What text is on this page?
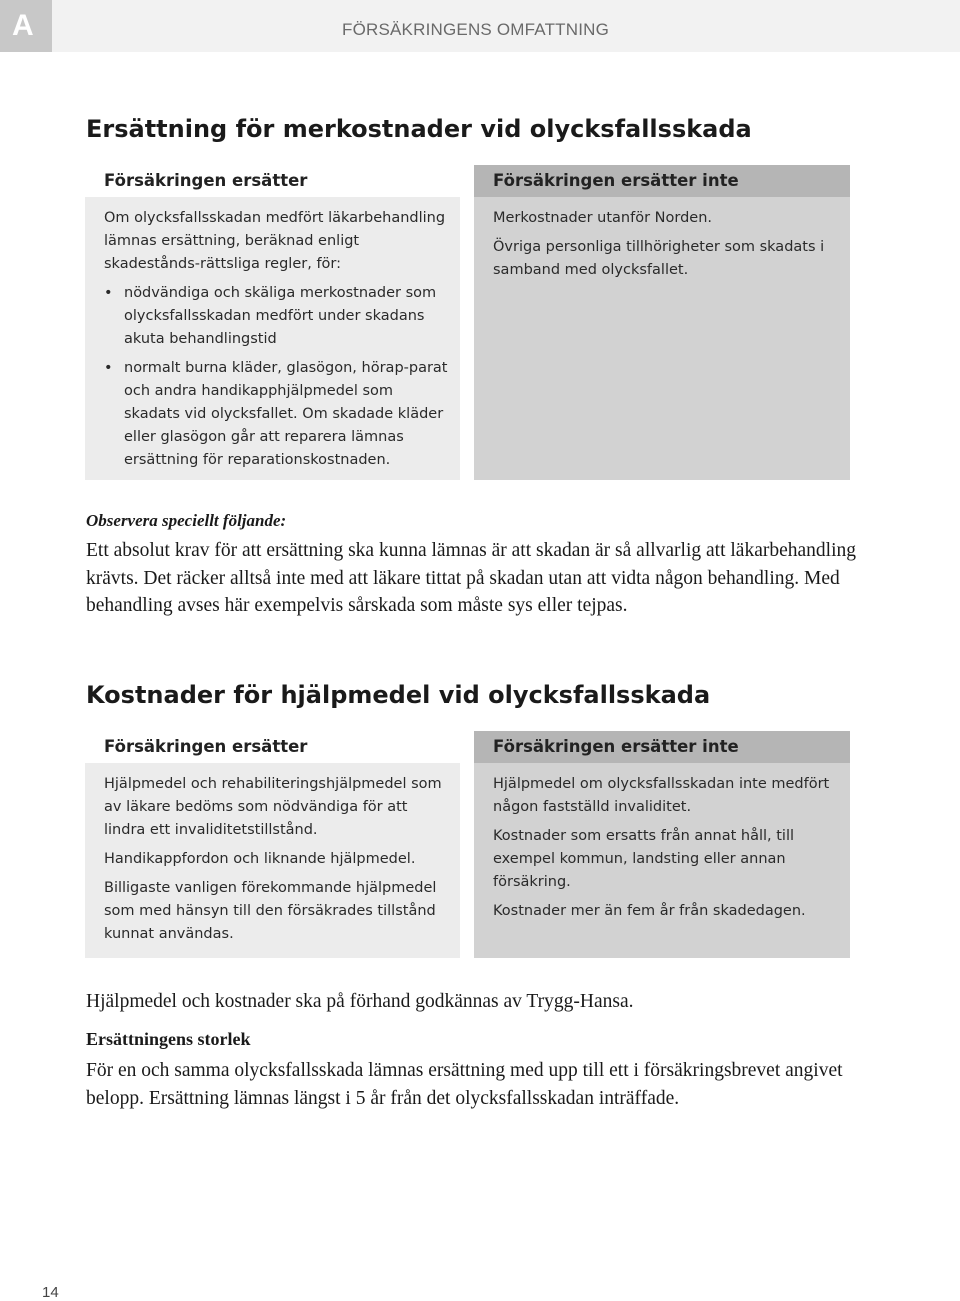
A	FÖRSÄKRINGENS OMFATTNING
Ersättning för merkostnader vid olycksfallsskada
Försäkringen ersätter

Om olycksfallsskadan medfört läkarbehandling lämnas ersättning, beräknad enligt skadestånds-rättsliga regler, för:

• nödvändiga och skäliga merkostnader som olycksfallsskadan medfört under skadans akuta behandlingstid
• normalt burna kläder, glasögon, hörap-parat och andra handikapphjälpmedel som skadats vid olycksfallet. Om skadade kläder eller glasögon går att reparera lämnas ersättning för reparationskostnaden.
Försäkringen ersätter inte

Merkostnader utanför Norden.

Övriga personliga tillhörigheter som skadats i samband med olycksfallet.

Observera speciellt följande:
Ett absolut krav för att ersättning ska kunna lämnas är att skadan är så allvarlig att läkarbehandling krävts. Det räcker alltså inte med att läkare tittat på skadan utan att vidta någon behandling. Med behandling avses här exempelvis sårskada som måste sys eller tejpas.
Kostnader för hjälpmedel vid olycksfallsskada
Försäkringen ersätter

Hjälpmedel och rehabiliteringshjälpmedel som av läkare bedöms som nödvändiga för att lindra ett invaliditetstillstånd.

Handikappfordon och liknande hjälpmedel.

Billigaste vanligen förekommande hjälpmedel som med hänsyn till den försäkrades tillstånd kunnat användas.

Försäkringen ersätter inte

Hjälpmedel om olycksfallsskadan inte medfört någon fastställd invaliditet.

Kostnader som ersatts från annat håll, till exempel kommun, landsting eller annan försäkring.

Kostnader mer än fem år från skadedagen.

Hjälpmedel och kostnader ska på förhand godkännas av Trygg-Hansa.
Ersättningens storlek
För en och samma olycksfallsskada lämnas ersättning med upp till ett i försäkringsbrevet angivet belopp. Ersättning lämnas längst i 5 år från det olycksfallsskadan inträffade.
14
